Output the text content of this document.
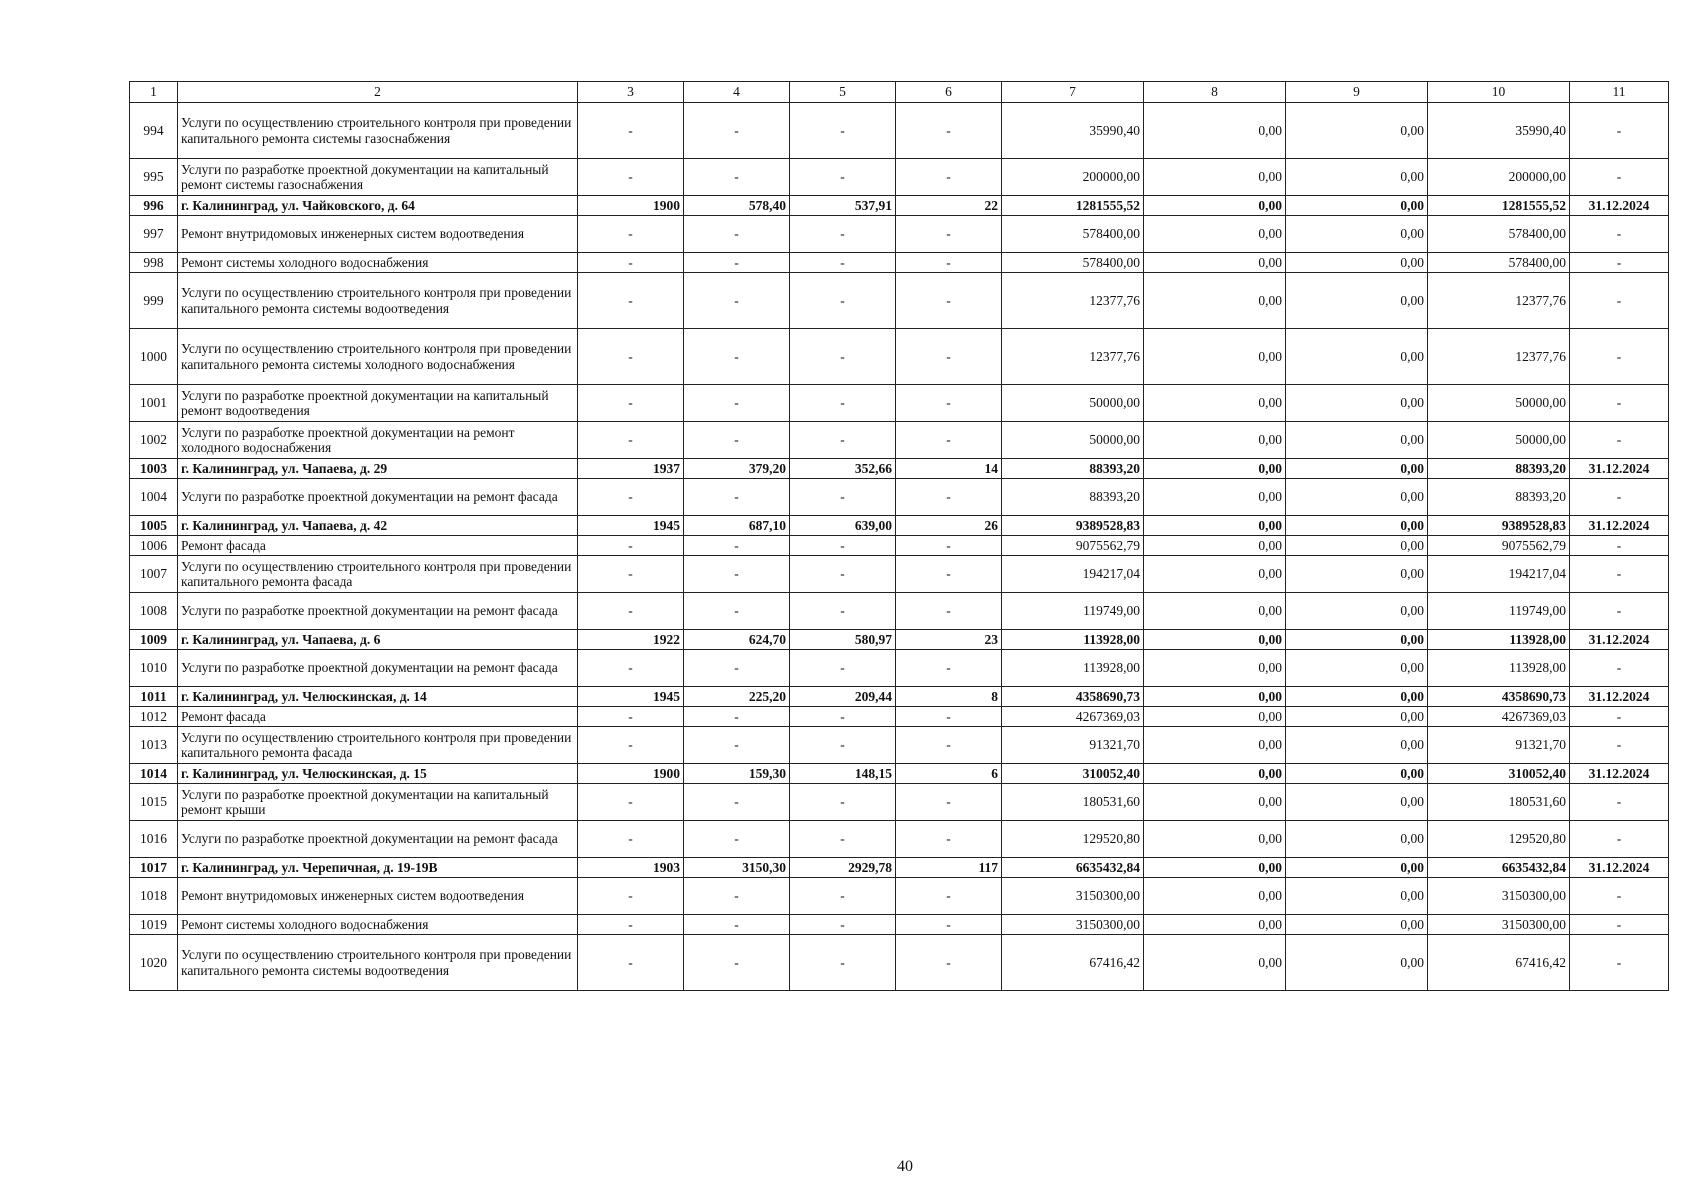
1	2	3	4	5	6	7	8	9	10	11
994	Услуги по осуществлению строительного контроля при проведении капитального ремонта системы газоснабжения	-	-	-	-	35990,40	0,00	0,00	35990,40	-
995	Услуги по разработке проектной документации на капитальный ремонт системы газоснабжения	-	-	-	-	200000,00	0,00	0,00	200000,00	-
996	г. Калининград, ул. Чайковского, д. 64	1900	578,40	537,91	22	1281555,52	0,00	0,00	1281555,52	31.12.2024
997	Ремонт внутридомовых инженерных систем водоотведения	-	-	-	-	578400,00	0,00	0,00	578400,00	-
998	Ремонт системы холодного водоснабжения	-	-	-	-	578400,00	0,00	0,00	578400,00	-
999	Услуги по осуществлению строительного контроля при проведении капитального ремонта системы водоотведения	-	-	-	-	12377,76	0,00	0,00	12377,76	-
1000	Услуги по осуществлению строительного контроля при проведении капитального ремонта системы холодного водоснабжения	-	-	-	-	12377,76	0,00	0,00	12377,76	-
1001	Услуги по разработке проектной документации на капитальный ремонт водоотведения	-	-	-	-	50000,00	0,00	0,00	50000,00	-
1002	Услуги по разработке проектной документации на ремонт холодного водоснабжения	-	-	-	-	50000,00	0,00	0,00	50000,00	-
1003	г. Калининград, ул. Чапаева, д. 29	1937	379,20	352,66	14	88393,20	0,00	0,00	88393,20	31.12.2024
1004	Услуги по разработке проектной документации на ремонт фасада	-	-	-	-	88393,20	0,00	0,00	88393,20	-
1005	г. Калининград, ул. Чапаева, д. 42	1945	687,10	639,00	26	9389528,83	0,00	0,00	9389528,83	31.12.2024
1006	Ремонт фасада	-	-	-	-	9075562,79	0,00	0,00	9075562,79	-
1007	Услуги по осуществлению строительного контроля при проведении капитального ремонта фасада	-	-	-	-	194217,04	0,00	0,00	194217,04	-
1008	Услуги по разработке проектной документации на ремонт фасада	-	-	-	-	119749,00	0,00	0,00	119749,00	-
1009	г. Калининград, ул. Чапаева, д. 6	1922	624,70	580,97	23	113928,00	0,00	0,00	113928,00	31.12.2024
1010	Услуги по разработке проектной документации на ремонт фасада	-	-	-	-	113928,00	0,00	0,00	113928,00	-
1011	г. Калининград, ул. Челюскинская, д. 14	1945	225,20	209,44	8	4358690,73	0,00	0,00	4358690,73	31.12.2024
1012	Ремонт фасада	-	-	-	-	4267369,03	0,00	0,00	4267369,03	-
1013	Услуги по осуществлению строительного контроля при проведении капитального ремонта фасада	-	-	-	-	91321,70	0,00	0,00	91321,70	-
1014	г. Калининград, ул. Челюскинская, д. 15	1900	159,30	148,15	6	310052,40	0,00	0,00	310052,40	31.12.2024
1015	Услуги по разработке проектной документации на капитальный ремонт крыши	-	-	-	-	180531,60	0,00	0,00	180531,60	-
1016	Услуги по разработке проектной документации на ремонт фасада	-	-	-	-	129520,80	0,00	0,00	129520,80	-
1017	г. Калининград, ул. Черепичная, д. 19-19В	1903	3150,30	2929,78	117	6635432,84	0,00	0,00	6635432,84	31.12.2024
1018	Ремонт внутридомовых инженерных систем водоотведения	-	-	-	-	3150300,00	0,00	0,00	3150300,00	-
1019	Ремонт системы холодного водоснабжения	-	-	-	-	3150300,00	0,00	0,00	3150300,00	-
1020	Услуги по осуществлению строительного контроля при проведении капитального ремонта системы водоотведения	-	-	-	-	67416,42	0,00	0,00	67416,42	-
40
